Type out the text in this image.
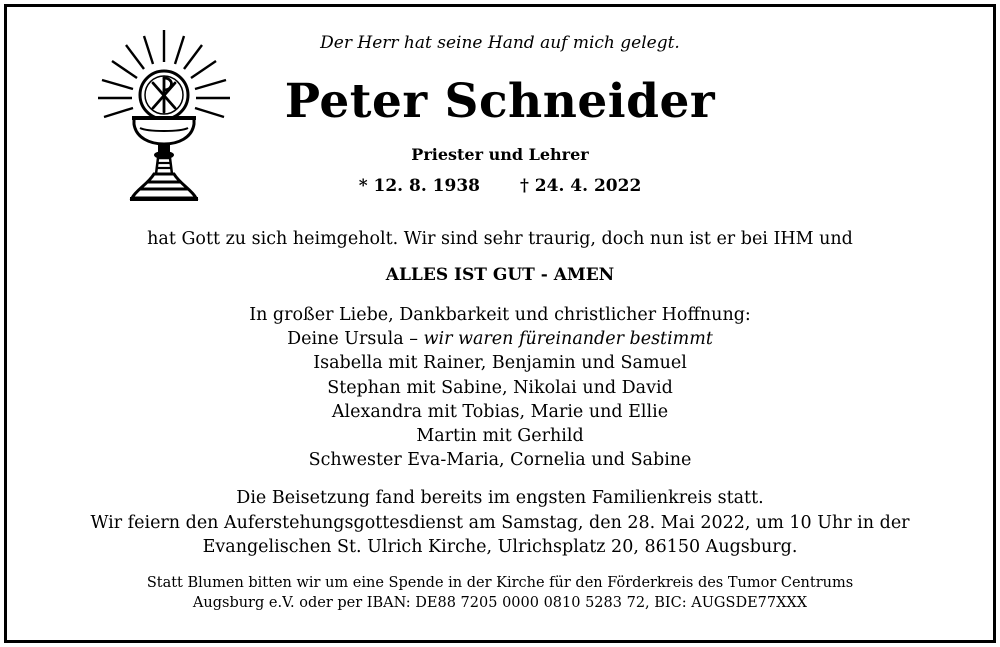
Der Herr hat seine Hand auf mich gelegt.
Peter Schneider
Priester und Lehrer
* 12. 8. 1938 † 24. 4. 2022
hat Gott zu sich heimgeholt. Wir sind sehr traurig, doch nun ist er bei IHM und
ALLES IST GUT - AMEN
In großer Liebe, Dankbarkeit und christlicher Hoffnung:
Deine Ursula – wir waren füreinander bestimmt
Isabella mit Rainer, Benjamin und Samuel
Stephan mit Sabine, Nikolai und David
Alexandra mit Tobias, Marie und Ellie
Martin mit Gerhild
Schwester Eva-Maria, Cornelia und Sabine
Die Beisetzung fand bereits im engsten Familienkreis statt.
Wir feiern den Auferstehungsgottesdienst am Samstag, den 28. Mai 2022, um 10 Uhr in der
Evangelischen St. Ulrich Kirche, Ulrichsplatz 20, 86150 Augsburg.
Statt Blumen bitten wir um eine Spende in der Kirche für den Förderkreis des Tumor Centrums
Augsburg e.V. oder per IBAN: DE88 7205 0000 0810 5283 72, BIC: AUGSDE77XXX
